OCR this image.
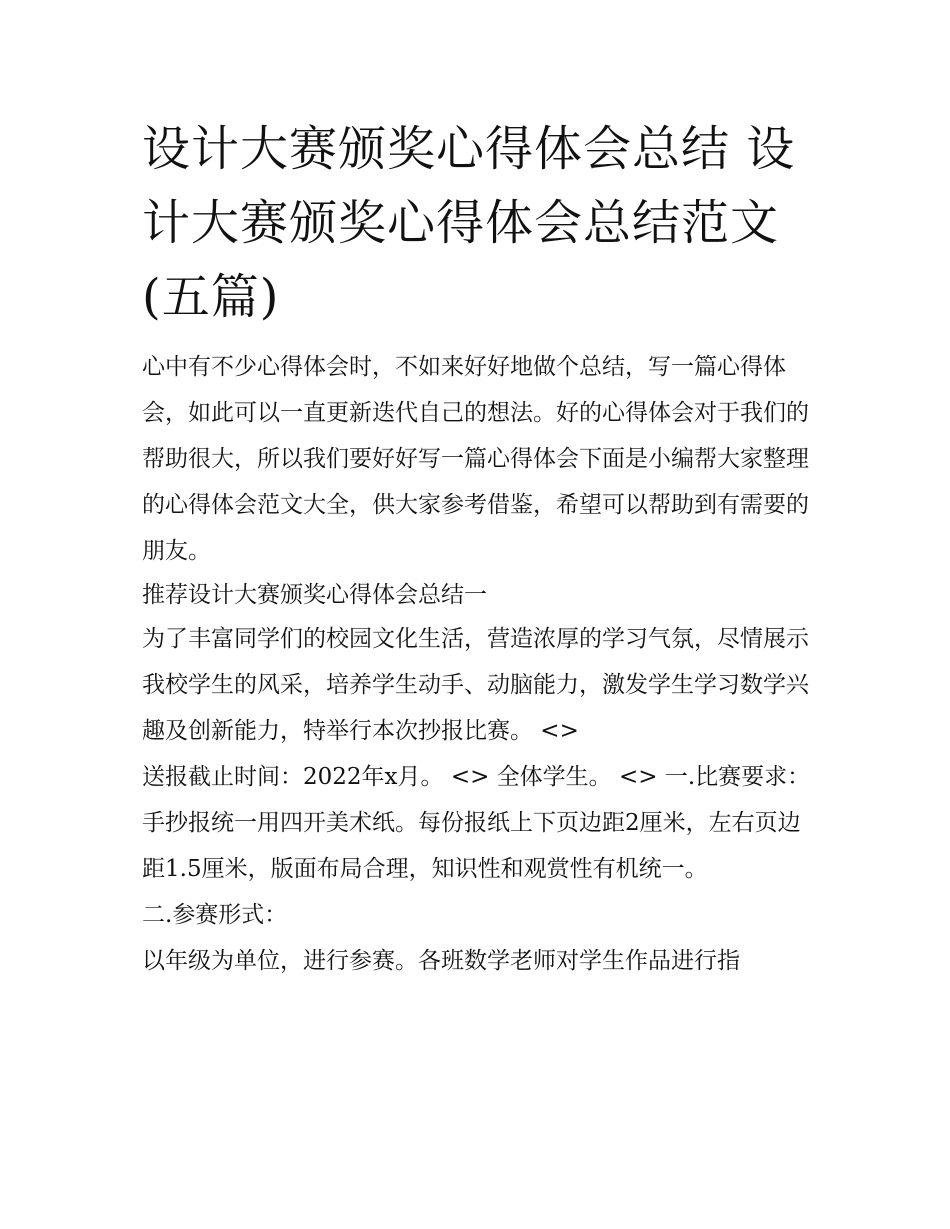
设计大赛颁奖心得体会总结 设计大赛颁奖心得体会总结范文(五篇)

心中有不少心得体会时，不如来好好地做个总结，写一篇心得体会，如此可以一直更新迭代自己的想法。好的心得体会对于我们的帮助很大，所以我们要好好写一篇心得体会下面是小编帮大家整理的心得体会范文大全，供大家参考借鉴，希望可以帮助到有需要的朋友。

推荐设计大赛颁奖心得体会总结一

为了丰富同学们的校园文化生活，营造浓厚的学习气氛，尽情展示我校学生的风采，培养学生动手、动脑能力，激发学生学习数学兴趣及创新能力，特举行本次抄报比赛。 <>

送报截止时间：2022年x月。 <> 全体学生。 <> 一.比赛要求：

手抄报统一用四开美术纸。每份报纸上下页边距2厘米，左右页边距1.5厘米，版面布局合理，知识性和观赏性有机统一。

二.参赛形式：

以年级为单位，进行参赛。各班数学老师对学生作品进行指
